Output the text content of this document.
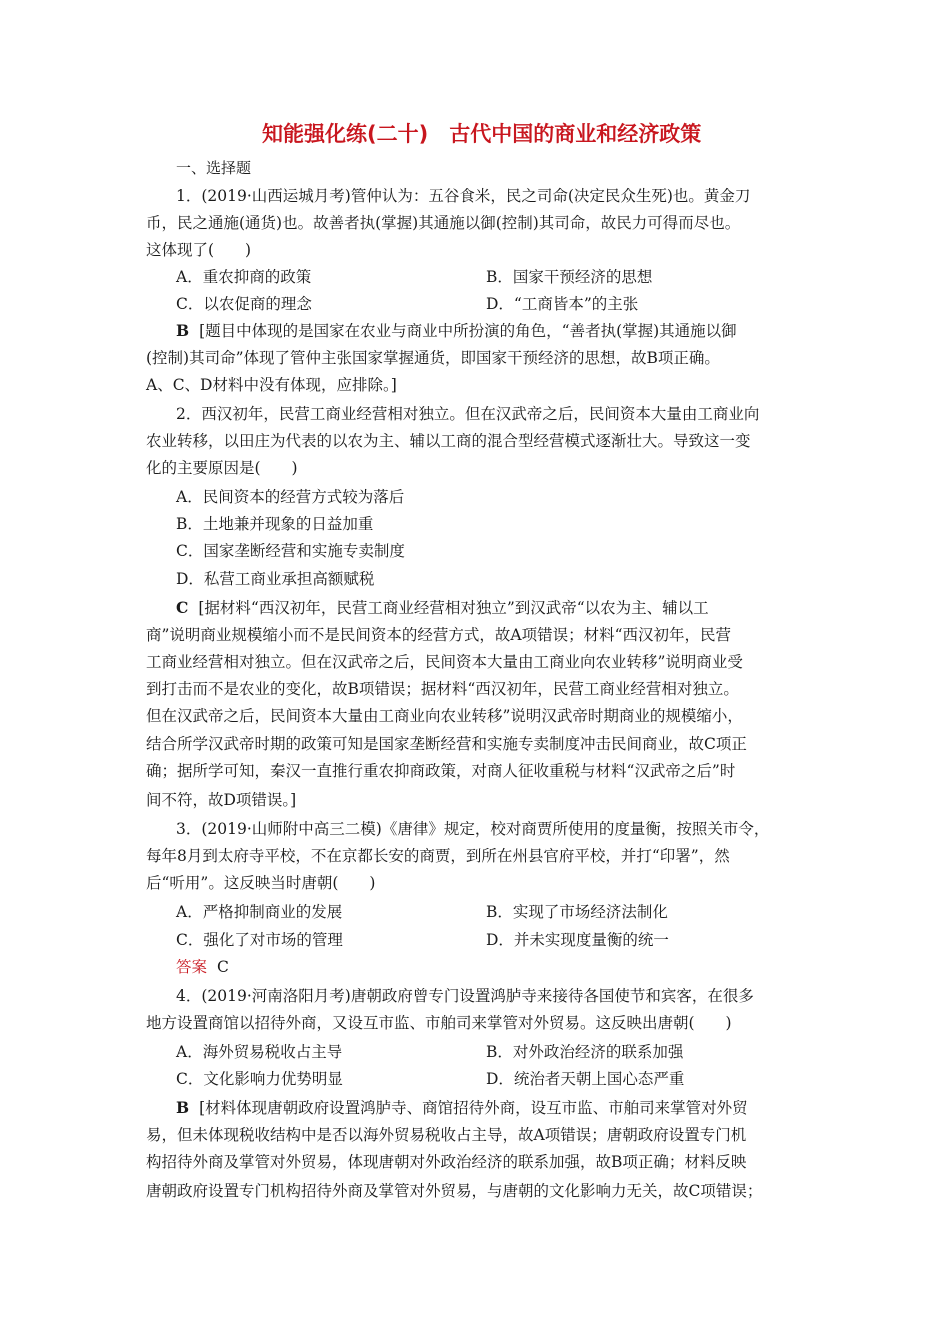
知能强化练(二十)　古代中国的商业和经济政策
一、选择题
1．(2019·山西运城月考)管仲认为：五谷食米，民之司命(决定民众生死)也。黄金刀
币，民之通施(通货)也。故善者执(掌握)其通施以御(控制)其司命，故民力可得而尽也。
这体现了(　　)
A．重农抑商的政策	B．国家干预经济的思想
C．以农促商的理念	D．“工商皆本”的主张
B [题目中体现的是国家在农业与商业中所扮演的角色，“善者执(掌握)其通施以御
(控制)其司命”体现了管仲主张国家掌握通货，即国家干预经济的思想，故B项正确。
A、C、D材料中没有体现，应排除。]
2．西汉初年，民营工商业经营相对独立。但在汉武帝之后，民间资本大量由工商业向
农业转移，以田庄为代表的以农为主、辅以工商的混合型经营模式逐渐壮大。导致这一变
化的主要原因是(　　)
A．民间资本的经营方式较为落后
B．土地兼并现象的日益加重
C．国家垄断经营和实施专卖制度
D．私营工商业承担高额赋税
C [据材料“西汉初年，民营工商业经营相对独立”到汉武帝“以农为主、辅以工
商”说明商业规模缩小而不是民间资本的经营方式，故A项错误；材料“西汉初年，民营
工商业经营相对独立。但在汉武帝之后，民间资本大量由工商业向农业转移”说明商业受
到打击而不是农业的变化，故B项错误；据材料“西汉初年，民营工商业经营相对独立。
但在汉武帝之后，民间资本大量由工商业向农业转移”说明汉武帝时期商业的规模缩小，
结合所学汉武帝时期的政策可知是国家垄断经营和实施专卖制度冲击民间商业，故C项正
确；据所学可知，秦汉一直推行重农抑商政策，对商人征收重税与材料“汉武帝之后”时
间不符，故D项错误。]
3．(2019·山师附中高三二模)《唐律》规定，校对商贾所使用的度量衡，按照关市令，
每年8月到太府寺平校，不在京都长安的商贾，到所在州县官府平校，并打“印署”，然
后“听用”。这反映当时唐朝(　　)
A．严格抑制商业的发展	B．实现了市场经济法制化
C．强化了对市场的管理	D．并未实现度量衡的统一
答案 C
4．(2019·河南洛阳月考)唐朝政府曾专门设置鸿胪寺来接待各国使节和宾客，在很多
地方设置商馆以招待外商，又设互市监、市舶司来掌管对外贸易。这反映出唐朝(　　)
A．海外贸易税收占主导	B．对外政治经济的联系加强
C．文化影响力优势明显	D．统治者天朝上国心态严重
B [材料体现唐朝政府设置鸿胪寺、商馆招待外商，设互市监、市舶司来掌管对外贸
易，但未体现税收结构中是否以海外贸易税收占主导，故A项错误；唐朝政府设置专门机
构招待外商及掌管对外贸易，体现唐朝对外政治经济的联系加强，故B项正确；材料反映
唐朝政府设置专门机构招待外商及掌管对外贸易，与唐朝的文化影响力无关，故C项错误；
